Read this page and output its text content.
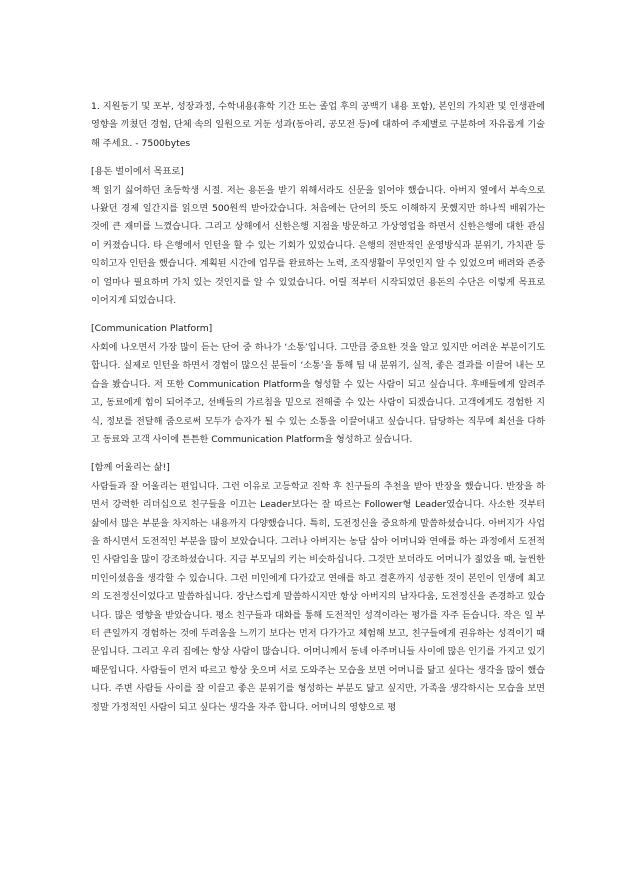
1. 지원동기 및 포부, 성장과정, 수학내용(휴학 기간 또는 졸업 후의 공백기 내용 포함), 본인의 가치관 및 인생관에 영향을 끼쳤던 경험, 단체 속의 일원으로 거둔 성과(동아리, 공모전 등)에 대하여 주제별로 구분하여 자유롭게 기술해 주세요. - 7500bytes

[용돈 벌이에서 목표로]

책 읽기 싫어하던 초등학생 시절. 저는 용돈을 받기 위해서라도 신문을 읽어야 했습니다. 아버지 옆에서 부속으로 나왔던 경제 일간지를 읽으면 500원씩 받아갔습니다. 처음에는 단어의 뜻도 이해하지 못했지만 하나씩 배워가는 것에 큰 재미를 느꼈습니다. 그리고 상해에서 신한은행 지점을 방문하고 가상영업을 하면서 신한은행에 대한 관심이 커졌습니다. 타 은행에서 인턴을 할 수 있는 기회가 있었습니다. 은행의 전반적인 운영방식과 분위기, 가치관 등 익히고자 인턴을 했습니다. 계획된 시간에 업무를 완료하는 노력, 조직생활이 무엇인지 알 수 있었으며 배려와 존중이 얼마나 필요하며 가치 있는 것인지를 알 수 있었습니다. 어릴 적부터 시작되었던 용돈의 수단은 이렇게 목표로 이어지게 되었습니다.

[Communication Platform]

사회에 나오면서 가장 많이 듣는 단어 중 하나가 ‘소통’입니다. 그만큼 중요한 것을 알고 있지만 어려운 부분이기도 합니다. 실제로 인턴을 하면서 경험이 많으신 분들이 ‘소통’을 통해 팀 내 분위기, 실적, 좋은 결과를 이끌어 내는 모습을 봤습니다. 저 또한 Communication Platform을 형성할 수 있는 사람이 되고 싶습니다. 후배들에게 알려주고, 동료에게 힘이 되어주고, 선배들의 가르침을 밑으로 전해줄 수 있는 사람이 되겠습니다. 고객에게도 경험한 지식, 정보를 전달해 줌으로써 모두가 승자가 될 수 있는 소통을 이끌어내고 싶습니다. 담당하는 직무에 최선을 다하고 동료와 고객 사이에 튼튼한 Communication Platform을 형성하고 싶습니다.

[함께 어울리는 삶!]

사람들과 잘 어울리는 편입니다. 그런 이유로 고등학교 진학 후 친구들의 추천을 받아 반장을 했습니다. 반장을 하면서 강력한 리더십으로 친구들을 이끄는 Leader보다는 잘 따르는 Follower형 Leader였습니다. 사소한 것부터 삶에서 많은 부분을 차지하는 내용까지 다양했습니다. 특히, 도전정신을 중요하게 말씀하셨습니다. 아버지가 사업을 하시면서 도전적인 부분을 많이 보았습니다. 그러나 아버지는 농담 삼아 어머니와 연애를 하는 과정에서 도전적인 사람임을 많이 강조하셨습니다. 지금 부모님의 키는 비슷하십니다. 그것만 보더라도 어머니가 젊었을 때, 늘씬한 미인이셨음을 생각할 수 있습니다. 그런 미인에게 다가갔고 연애를 하고 결혼까지 성공한 것이 본인이 인생에 최고의 도전정신이었다고 말씀하십니다. 장난스럽게 말씀하시지만 항상 아버지의 남자다움, 도전정신을 존경하고 있습니다. 많은 영향을 받았습니다. 평소 친구들과 대화를 통해 도전적인 성격이라는 평가를 자주 듣습니다. 작은 일 부터 큰일까지 경험하는 것에 두려움을 느끼기 보다는 먼저 다가가고 체험해 보고, 친구들에게 권유하는 성격이기 때문입니다. 그리고 우리 집에는 항상 사람이 많습니다. 어머니께서 동네 아주머니들 사이에 많은 인기를 가지고 있기 때문입니다. 사람들이 먼저 따르고 항상 웃으며 서로 도와주는 모습을 보면 어머니를 닮고 싶다는 생각을 많이 했습니다. 주변 사람들 사이를 잘 이끌고 좋은 분위기를 형성하는 부분도 닮고 싶지만, 가족을 생각하시는 모습을 보면 정말 가정적인 사람이 되고 싶다는 생각을 자주 합니다. 어머니의 영향으로 평
